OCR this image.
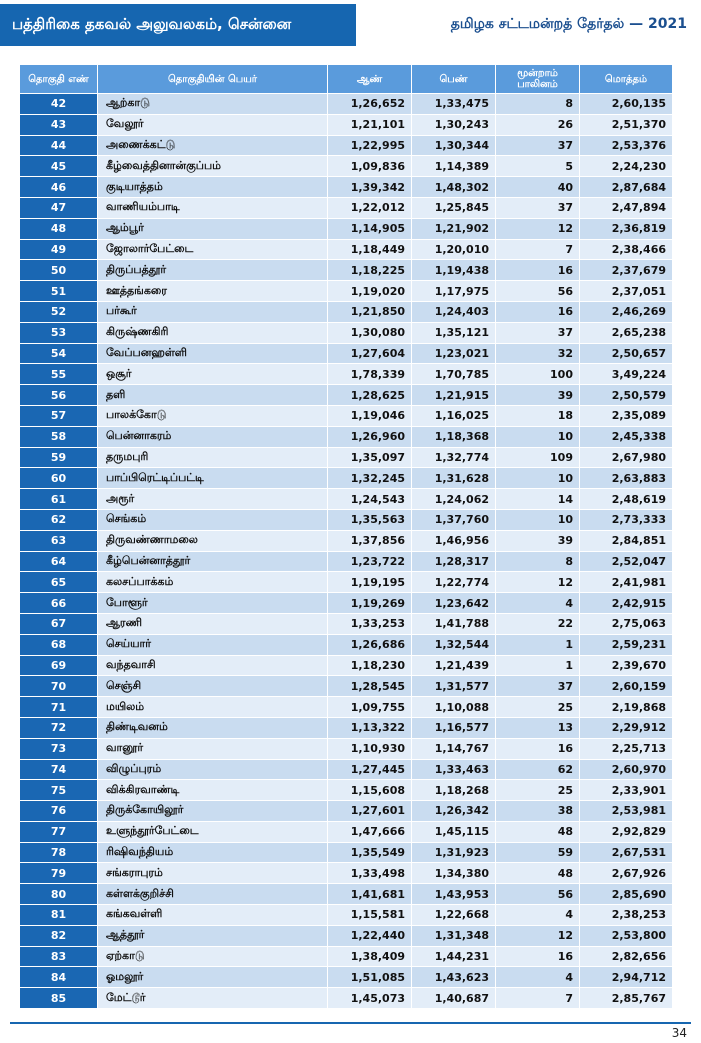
பத்திரிகை தகவல் அலுவலகம், சென்னை	தமிழக சட்டமன்றத் தேர்தல் — 2021
தொகுதி எண்	தொகுதியின் பெயர்	ஆண்	பெண்	மூன்றாம் பாலினம்	மொத்தம்
42	ஆற்காடு	1,26,652	1,33,475	8	2,60,135
43	வேலூர்	1,21,101	1,30,243	26	2,51,370
44	அணைக்கட்டு	1,22,995	1,30,344	37	2,53,376
45	கீழ்வைத்தினான்குப்பம்	1,09,836	1,14,389	5	2,24,230
46	குடியாத்தம்	1,39,342	1,48,302	40	2,87,684
47	வாணியம்பாடி	1,22,012	1,25,845	37	2,47,894
48	ஆம்பூர்	1,14,905	1,21,902	12	2,36,819
49	ஜோலார்பேட்டை	1,18,449	1,20,010	7	2,38,466
50	திருப்பத்தூர்	1,18,225	1,19,438	16	2,37,679
51	ஊத்தங்கரை	1,19,020	1,17,975	56	2,37,051
52	பர்கூர்	1,21,850	1,24,403	16	2,46,269
53	கிருஷ்ணகிரி	1,30,080	1,35,121	37	2,65,238
54	வேப்பனஹள்ளி	1,27,604	1,23,021	32	2,50,657
55	ஒசூர்	1,78,339	1,70,785	100	3,49,224
56	தளி	1,28,625	1,21,915	39	2,50,579
57	பாலக்கோடு	1,19,046	1,16,025	18	2,35,089
58	பென்னாகரம்	1,26,960	1,18,368	10	2,45,338
59	தருமபுரி	1,35,097	1,32,774	109	2,67,980
60	பாப்பிரெட்டிப்பட்டி	1,32,245	1,31,628	10	2,63,883
61	அரூர்	1,24,543	1,24,062	14	2,48,619
62	செங்கம்	1,35,563	1,37,760	10	2,73,333
63	திருவண்ணாமலை	1,37,856	1,46,956	39	2,84,851
64	கீழ்பென்னாத்தூர்	1,23,722	1,28,317	8	2,52,047
65	கலசப்பாக்கம்	1,19,195	1,22,774	12	2,41,981
66	போளூர்	1,19,269	1,23,642	4	2,42,915
67	ஆரணி	1,33,253	1,41,788	22	2,75,063
68	செய்யார்	1,26,686	1,32,544	1	2,59,231
69	வந்தவாசி	1,18,230	1,21,439	1	2,39,670
70	செஞ்சி	1,28,545	1,31,577	37	2,60,159
71	மயிலம்	1,09,755	1,10,088	25	2,19,868
72	திண்டிவனம்	1,13,322	1,16,577	13	2,29,912
73	வானூர்	1,10,930	1,14,767	16	2,25,713
74	விழுப்புரம்	1,27,445	1,33,463	62	2,60,970
75	விக்கிரவாண்டி	1,15,608	1,18,268	25	2,33,901
76	திருக்கோயிலூர்	1,27,601	1,26,342	38	2,53,981
77	உளுந்தூர்பேட்டை	1,47,666	1,45,115	48	2,92,829
78	ரிஷிவந்தியம்	1,35,549	1,31,923	59	2,67,531
79	சங்கராபுரம்	1,33,498	1,34,380	48	2,67,926
80	கள்ளக்குறிச்சி	1,41,681	1,43,953	56	2,85,690
81	கங்கவள்ளி	1,15,581	1,22,668	4	2,38,253
82	ஆத்தூர்	1,22,440	1,31,348	12	2,53,800
83	ஏற்காடு	1,38,409	1,44,231	16	2,82,656
84	ஓமலூர்	1,51,085	1,43,623	4	2,94,712
85	மேட்டூர்	1,45,073	1,40,687	7	2,85,767
34
